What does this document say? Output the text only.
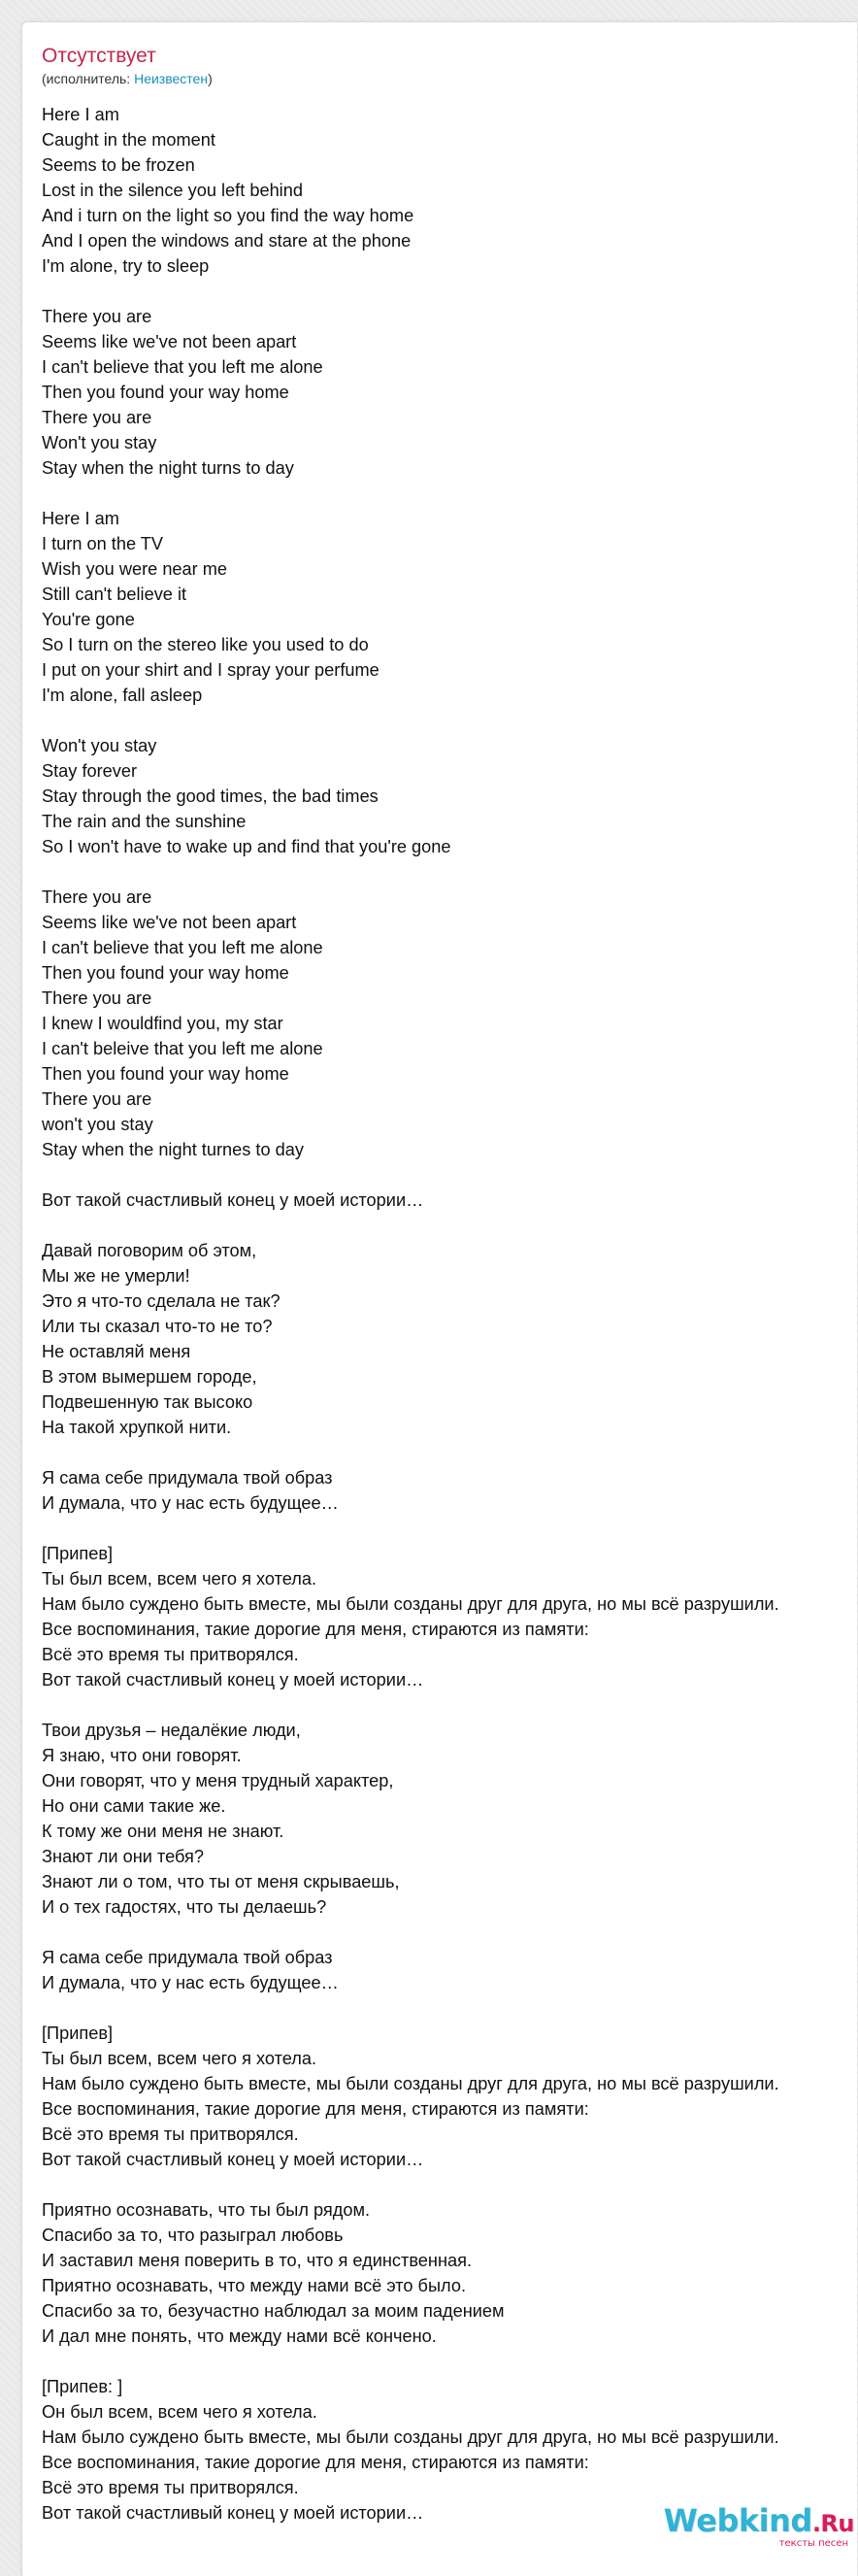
Отсутствует
(исполнитель: Неизвестен)
Here I am
Caught in the moment
Seems to be frozen
Lost in the silence you left behind
And i turn on the light so you find the way home
And I open the windows and stare at the phone
I'm alone, try to sleep

There you are
Seems like we've not been apart
I can't believe that you left me alone
Then you found your way home
There you are
Won't you stay
Stay when the night turns to day

Here I am
I turn on the TV
Wish you were near me
Still can't believe it
You're gone
So I turn on the stereo like you used to do
I put on your shirt and I spray your perfume
I'm alone, fall asleep

Won't you stay
Stay forever
Stay through the good times, the bad times
The rain and the sunshine
So I won't have to wake up and find that you're gone

There you are
Seems like we've not been apart
I can't believe that you left me alone
Then you found your way home
There you are
I knew I wouldfind you, my star
I can't beleive that you left me alone
Then you found your way home
There you are
won't you stay
Stay when the night turnes to day

Вот такой счастливый конец у моей истории…

Давай поговорим об этом,
Мы же не умерли!
Это я что-то сделала не так?
Или ты сказал что-то не то?
Не оставляй меня
В этом вымершем городе,
Подвешенную так высоко
На такой хрупкой нити.

Я сама себе придумала твой образ
И думала, что у нас есть будущее…

[Припев]
Ты был всем, всем чего я хотела.
Нам было суждено быть вместе, мы были созданы друг для друга, но мы всё разрушили.
Все воспоминания, такие дорогие для меня, стираются из памяти:
Всё это время ты притворялся.
Вот такой счастливый конец у моей истории…

Твои друзья – недалёкие люди,
Я знаю, что они говорят.
Они говорят, что у меня трудный характер,
Но они сами такие же.
К тому же они меня не знают.
Знают ли они тебя?
Знают ли о том, что ты от меня скрываешь,
И о тех гадостях, что ты делаешь?

Я сама себе придумала твой образ
И думала, что у нас есть будущее…

[Припев]
Ты был всем, всем чего я хотела.
Нам было суждено быть вместе, мы были созданы друг для друга, но мы всё разрушили.
Все воспоминания, такие дорогие для меня, стираются из памяти:
Всё это время ты притворялся.
Вот такой счастливый конец у моей истории…

Приятно осознавать, что ты был рядом.
Спасибо за то, что разыграл любовь
И заставил меня поверить в то, что я единственная.
Приятно осознавать, что между нами всё это было.
Спасибо за то, безучастно наблюдал за моим падением
И дал мне понять, что между нами всё кончено.

[Припев: ]
Он был всем, всем чего я хотела.
Нам было суждено быть вместе, мы были созданы друг для друга, но мы всё разрушили.
Все воспоминания, такие дорогие для меня, стираются из памяти:
Всё это время ты притворялся.
Вот такой счастливый конец у моей истории…	Webkind.Ru
тексты песен
